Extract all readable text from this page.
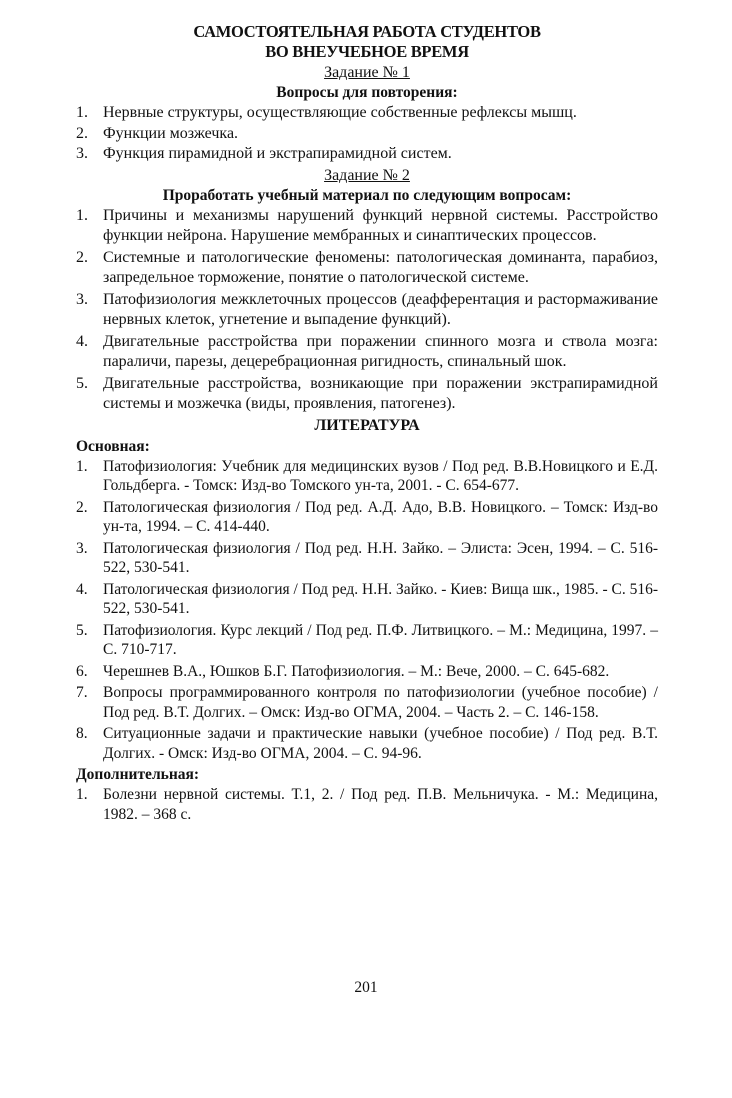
САМОСТОЯТЕЛЬНАЯ РАБОТА СТУДЕНТОВ
ВО ВНЕУЧЕБНОЕ ВРЕМЯ
Задание № 1
Вопросы для повторения:
1. Нервные структуры, осуществляющие собственные рефлексы мышц.
2. Функции мозжечка.
3. Функция пирамидной и экстрапирамидной систем.
Задание № 2
Проработать учебный материал по следующим вопросам:
1. Причины и механизмы нарушений функций нервной системы. Расстройство функции нейрона. Нарушение мембранных и синаптических процессов.
2. Системные и патологические феномены: патологическая доминанта, парабиоз, запредельное торможение, понятие о патологической системе.
3. Патофизиология межклеточных процессов (деафферентация и растормаживание нервных клеток, угнетение и выпадение функций).
4. Двигательные расстройства при поражении спинного мозга и ствола мозга: параличи, парезы, децеребрационная ригидность, спинальный шок.
5. Двигательные расстройства, возникающие при поражении экстрапирамидной системы и мозжечка (виды, проявления, патогенез).
ЛИТЕРАТУРА
Основная:
1. Патофизиология: Учебник для медицинских вузов / Под ред. В.В.Новицкого и Е.Д. Гольдберга. - Томск: Изд-во Томского ун-та, 2001. - С. 654-677.
2. Патологическая физиология / Под ред. А.Д. Адо, В.В. Новицкого. – Томск: Изд-во ун-та, 1994. – С. 414-440.
3. Патологическая физиология / Под ред. Н.Н. Зайко. – Элиста: Эсен, 1994. – С. 516-522, 530-541.
4. Патологическая физиология / Под ред. Н.Н. Зайко. - Киев: Вища шк., 1985. - С. 516-522, 530-541.
5. Патофизиология. Курс лекций / Под ред. П.Ф. Литвицкого. – М.: Медицина, 1997. – С. 710-717.
6. Черешнев В.А., Юшков Б.Г. Патофизиология. – М.: Вече, 2000. – С. 645-682.
7. Вопросы программированного контроля по патофизиологии (учебное пособие) / Под ред. В.Т. Долгих. – Омск: Изд-во ОГМА, 2004. – Часть 2. – С. 146-158.
8. Ситуационные задачи и практические навыки (учебное пособие) / Под ред. В.Т. Долгих. - Омск: Изд-во ОГМА, 2004. – С. 94-96.
Дополнительная:
1. Болезни нервной системы. Т.1, 2. / Под ред. П.В. Мельничука. - М.: Медицина, 1982. – 368 с.
201
